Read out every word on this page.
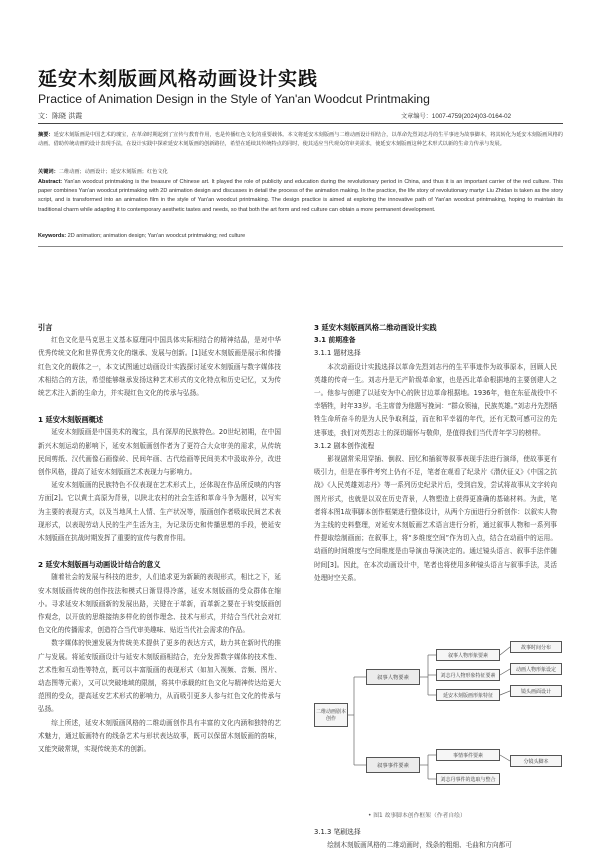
延安木刻版画风格动画设计实践
Practice of Animation Design in the Style of Yan'an Woodcut Printmaking
文：陈晓 洪霞	文章编号：1007-4759(2024)03-0164-02
摘要：延安木刻版画是中国艺术的瑰宝，在革命时期起到了宣传与教育作用，也是传播红色文化的重要载体。本文将延安木刻版画与二维动画设计相结合，以革命先烈刘志丹的生平事迹为故事脚本，将其转化为延安木刻版画风格的动画。借助传统动画的设计表现手法，在设计实践中探索延安木刻版画的创新路径，希望在延续其传统特点的同时，使其适应当代观众的审美需求，使延安木刻版画这种艺术形式以新的生命力传承与发展。
关键词：二维动画；动画设计；延安木刻版画；红色文化
Abstract: Yan'an woodcut printmaking is the treasure of Chinese art. It played the role of publicity and education during the revolutionary period in China, and thus it is an important carrier of the red culture. This paper combines Yan'an woodcut printmaking with 2D animation design and discusses in detail the process of the animation making. In the practice, the life story of revolutionary martyr Liu Zhidan is taken as the story script, and is transformed into an animation film in the style of Yan'an woodcut printmaking. The design practice is aimed at exploring the innovative path of Yan'an woodcut printmaking, hoping to maintain its traditional charm while adapting it to contemporary aesthetic tastes and needs, so that both the art form and red culture can obtain a more permanent development.
Keywords: 2D animation; animation design; Yan'an woodcut printmaking; red culture
引言

红色文化是马克思主义基本原理同中国具体实际相结合的精神结晶，是对中华优秀传统文化和世界优秀文化的继承、发展与创新。[1]延安木刻版画是展示和传播红色文化的载体之一，本文试图通过动画设计实践探讨延安木刻版画与数字媒体技术相结合的方法，希望能够继承发扬这种艺术形式的文化特点和历史记忆，又为传统艺术注入新的生命力，并实现红色文化的传承与弘扬。

1 延安木刻版画概述

延安木刻版画是中国美术的瑰宝，具有深厚的民族特色。20世纪初期，在中国新兴木刻运动的影响下，延安木刻版画创作者为了更符合大众审美的需求，从传统民间剪纸、汉代画像石画像砖、民间年画、古代绘画等民间美术中汲取养分，改进创作风格，提高了延安木刻版画艺术表现力与影响力。

延安木刻版画的民族特色不仅表现在艺术形式上，还体现在作品所反映的内容方面[2]。它以黄土高原为背景，以陕北农村的社会生活和革命斗争为题材，以写实为主要的表现方式，以及当地风土人情、生产状况等，版画创作者吸取民间艺术表现形式，以表现劳动人民的生产生活为主，为记录历史和传播思想的手段，使延安木刻版画在抗战时期发挥了重要的宣传与教育作用。

2 延安木刻版画与动画设计结合的意义

随着社会的发展与科技的进步，人们追求更为新颖的表现形式，相比之下，延安木刻版画传统的创作技法和模式日渐显得冷落，延安木刻版画的受众群体在缩小。寻求延安木刻版画新的发展出路，关键在于革新，而革新之要在于转变版画创作观念，以开放的思维接纳多样化的创作理念、技术与形式，并结合当代社会对红色文化的传播需求，创造符合当代审美趣味、贴近当代社会需求的作品。

数字媒体的快速发展为传统美术提供了更多的表达方式，助力其在新时代的推广与发展。将延安版画设计与延安木刻版画相结合，充分发挥数字媒体的技术性、艺术性和互动性等特点，既可以丰富版画的表现形式（如加入视频、音频、图片、动态图等元素），又可以突破地域的限制，将其中承载的红色文化与精神传达给更大范围的受众，提高延安艺术形式的影响力，从而吸引更多人参与红色文化的传承与弘扬。

综上所述，延安木刻版画风格的二维动画创作具有丰富的文化内涵和独特的艺术魅力，通过版画特有的线条艺术与形状表达故事，既可以保留木刻版画的韵味，又能突破常规，实现传统美术的创新。

3 延安木刻版画风格二维动画设计实践
3.1 前期准备
3.1.1 题材选择

本次动画设计实践选择以革命先烈刘志丹的生平事迹作为故事原本，回顾人民英雄的传奇一生。刘志丹是无产阶级革命家，也是西北革命根据地的主要创建人之一。他参与创建了以延安为中心的陕甘边革命根据地。1936年，他在东征战役中不幸牺牲，时年33岁。毛主席曾为他题写挽词：“群众领袖，民族英雄。”刘志丹先烈牺牲生命所奋斗的是为人民争取利益，而在和平幸福的年代，还有无数可感可泣的先进事迹，我们对英烈志士的深切缅怀与敬仰，是值得我们当代青年学习的榜样。

3.1.2 剧本创作流程

影视剧常采用穿插、倒叙、回忆和插叙等叙事表现手法进行演绎，使故事更有吸引力，但是在事件考究上仍有不足，笔者在观看了纪录片《潜伏征义》《中国之抗战》《人民英雄刘志丹》等一系列历史纪录片后，受到启发，尝试将故事从文字转向图片形式，也就是以双在历史背景，人物塑造上获得更准确的基础材料。为此，笔者将本图1故事脚本创作框架进行整体设计，从两个方面进行分析创作：以叙实人物为主线的史料整理，对延安木刻版画艺术语言进行分析，通过叙事人物和一系列事件提取绘制画面；在叙事上，将“多维度空间”作为切入点，结合在动画中的运用。动画的时间维度与空间维度是由导演由导演决定的。通过镜头语言、叙事手法伴随时间[3]。因此，在本次动画设计中，笔者也将使用多种镜头语言与叙事手法，灵活处理时空关系。

二维动画剧本创作
叙事人物要素
叙事事件要素
叙事人物形象要素
刘志丹人物形象特征要素
延安木刻版画形象特征
事情事件要素
刘志丹事件的选取与整合
故事时间分布
动画人物形象设定
镜头画面设计
分镜头脚本
• 图1 故事脚本创作框架（作者自绘）
3.1.3 笔刷选择

绘制木刻版画风格的二维动画时，线条的粗细、毛曲和方向都可
